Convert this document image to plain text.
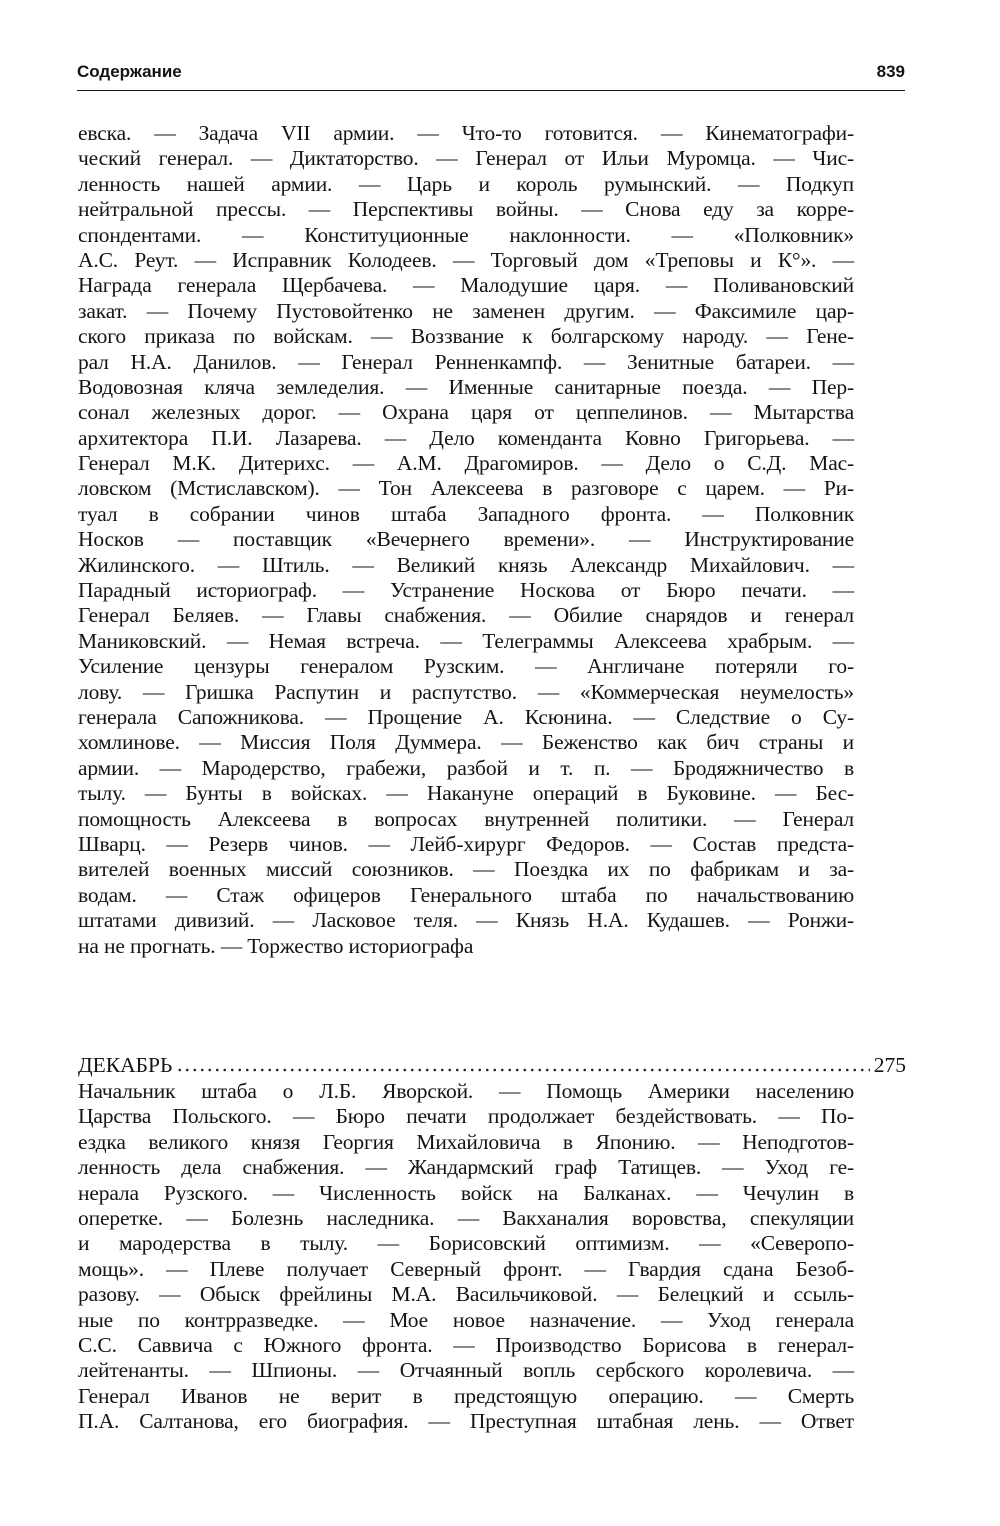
Содержание	839
евска. — Задача VII армии. — Что-то готовится. — Кинематографи-
ческий генерал. — Диктаторство. — Генерал от Ильи Муромца. — Чис-
ленность нашей армии. — Царь и король румынский. — Подкуп
нейтральной прессы. — Перспективы войны. — Снова еду за корре-
спондентами. — Конституционные наклонности. — «Полковник»
А.С. Реут. — Исправник Колодеев. — Торговый дом «Треповы и К°». —
Награда генерала Щербачева. — Малодушие царя. — Поливановский
закат. — Почему Пустовойтенко не заменен другим. — Факсимиле цар-
ского приказа по войскам. — Воззвание к болгарскому народу. — Гене-
рал Н.А. Данилов. — Генерал Ренненкампф. — Зенитные батареи. —
Водовозная кляча земледелия. — Именные санитарные поезда. — Пер-
сонал железных дорог. — Охрана царя от цеппелинов. — Мытарства
архитектора П.И. Лазарева. — Дело коменданта Ковно Григорьева. —
Генерал М.К. Дитерихс. — А.М. Драгомиров. — Дело о С.Д. Мас-
ловском (Мстиславском). — Тон Алексеева в разговоре с царем. — Ри-
туал в собрании чинов штаба Западного фронта. — Полковник
Носков — поставщик «Вечернего времени». — Инструктирование
Жилинского. — Штиль. — Великий князь Александр Михайлович. —
Парадный историограф. — Устранение Носкова от Бюро печати. —
Генерал Беляев. — Главы снабжения. — Обилие снарядов и генерал
Маниковский. — Немая встреча. — Телеграммы Алексеева храбрым. —
Усиление цензуры генералом Рузским. — Англичане потеряли го-
лову. — Гришка Распутин и распутство. — «Коммерческая неумелость»
генерала Сапожникова. — Прощение А. Ксюнина. — Следствие о Су-
хомлинове. — Миссия Поля Думмера. — Беженство как бич страны и
армии. — Мародерство, грабежи, разбой и т. п. — Бродяжничество в
тылу. — Бунты в войсках. — Накануне операций в Буковине. — Бес-
помощность Алексеева в вопросах внутренней политики. — Генерал
Шварц. — Резерв чинов. — Лейб-хирург Федоров. — Состав предста-
вителей военных миссий союзников. — Поездка их по фабрикам и за-
водам. — Стаж офицеров Генерального штаба по начальствованию
штатами дивизий. — Ласковое теля. — Князь Н.А. Кудашев. — Ронжи-
на не прогнать. — Торжество историографа
ДЕКАБРЬ	275
Начальник штаба о Л.Б. Яворской. — Помощь Америки населению
Царства Польского. — Бюро печати продолжает бездействовать. — По-
ездка великого князя Георгия Михайловича в Японию. — Неподготов-
ленность дела снабжения. — Жандармский граф Татищев. — Уход ге-
нерала Рузского. — Численность войск на Балканах. — Чечулин в
оперетке. — Болезнь наследника. — Вакханалия воровства, спекуляции
и мародерства в тылу. — Борисовский оптимизм. — «Северопо-
мощь». — Плеве получает Северный фронт. — Гвардия сдана Безоб-
разову. — Обыск фрейлины М.А. Васильчиковой. — Белецкий и ссыль-
ные по контрразведке. — Мое новое назначение. — Уход генерала
С.С. Саввича с Южного фронта. — Производство Борисова в генерал-
лейтенанты. — Шпионы. — Отчаянный вопль сербского королевича. —
Генерал Иванов не верит в предстоящую операцию. — Смерть
П.А. Салтанова, его биография. — Преступная штабная лень. — Ответ
